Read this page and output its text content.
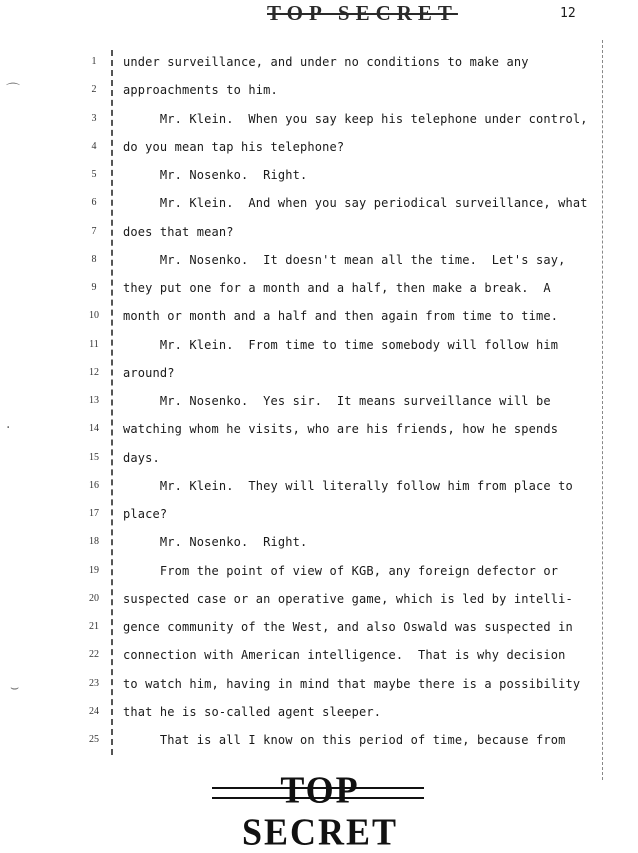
TOP SECRET	12
⌒
·
⌣
1	under surveillance, and under no conditions to make any
2	approachments to him.
3	Mr. Klein.  When you say keep his telephone under control,
4	do you mean tap his telephone?
5	Mr. Nosenko.  Right.
6	Mr. Klein.  And when you say periodical surveillance, what
7	does that mean?
8	Mr. Nosenko.  It doesn't mean all the time.  Let's say,
9	they put one for a month and a half, then make a break.  A
10	month or month and a half and then again from time to time.
11	Mr. Klein.  From time to time somebody will follow him
12	around?
13	Mr. Nosenko.  Yes sir.  It means surveillance will be
14	watching whom he visits, who are his friends, how he spends
15	days.
16	Mr. Klein.  They will literally follow him from place to
17	place?
18	Mr. Nosenko.  Right.
19	From the point of view of KGB, any foreign defector or
20	suspected case or an operative game, which is led by intelli-
21	gence community of the West, and also Oswald was suspected in
22	connection with American intelligence.  That is why decision
23	to watch him, having in mind that maybe there is a possibility
24	that he is so-called agent sleeper.
25	That is all I know on this period of time, because from
TOP SECRET
